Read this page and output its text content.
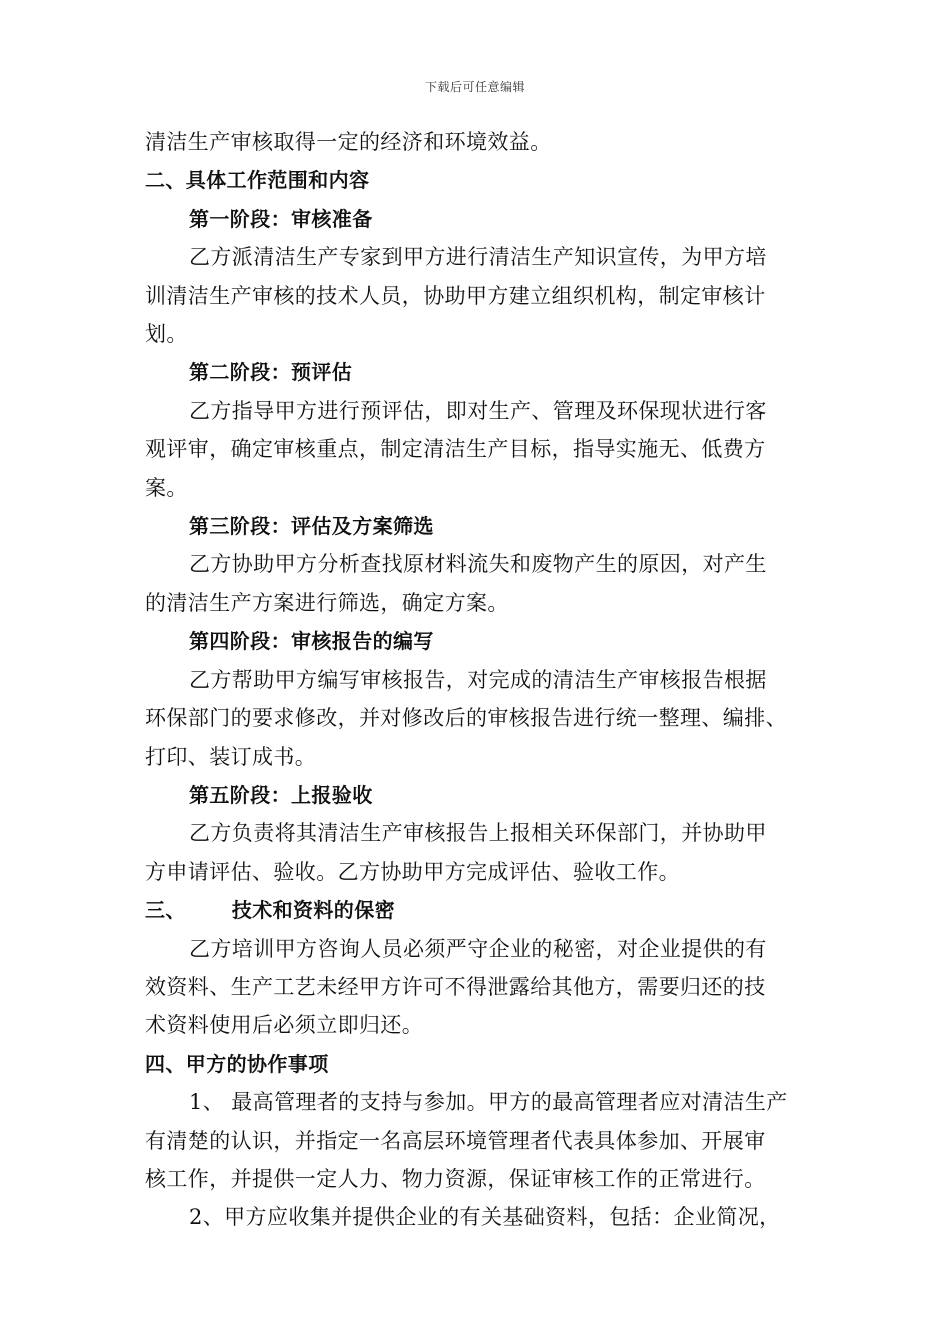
下载后可任意编辑
清洁生产审核取得一定的经济和环境效益。
二、具体工作范围和内容
第一阶段：审核准备
乙方派清洁生产专家到甲方进行清洁生产知识宣传，为甲方培
训清洁生产审核的技术人员，协助甲方建立组织机构，制定审核计
划。
第二阶段：预评估
乙方指导甲方进行预评估，即对生产、管理及环保现状进行客
观评审，确定审核重点，制定清洁生产目标，指导实施无、低费方
案。
第三阶段：评估及方案筛选
乙方协助甲方分析查找原材料流失和废物产生的原因，对产生
的清洁生产方案进行筛选，确定方案。
第四阶段：审核报告的编写
乙方帮助甲方编写审核报告，对完成的清洁生产审核报告根据
环保部门的要求修改，并对修改后的审核报告进行统一整理、编排、
打印、装订成书。
第五阶段：上报验收
乙方负责将其清洁生产审核报告上报相关环保部门，并协助甲
方申请评估、验收。乙方协助甲方完成评估、验收工作。
三、 技术和资料的保密
乙方培训甲方咨询人员必须严守企业的秘密，对企业提供的有
效资料、生产工艺未经甲方许可不得泄露给其他方，需要归还的技
术资料使用后必须立即归还。
四、甲方的协作事项
1、 最高管理者的支持与参加。甲方的最高管理者应对清洁生产
有清楚的认识，并指定一名高层环境管理者代表具体参加、开展审
核工作，并提供一定人力、物力资源，保证审核工作的正常进行。
2、甲方应收集并提供企业的有关基础资料，包括：企业简况，
